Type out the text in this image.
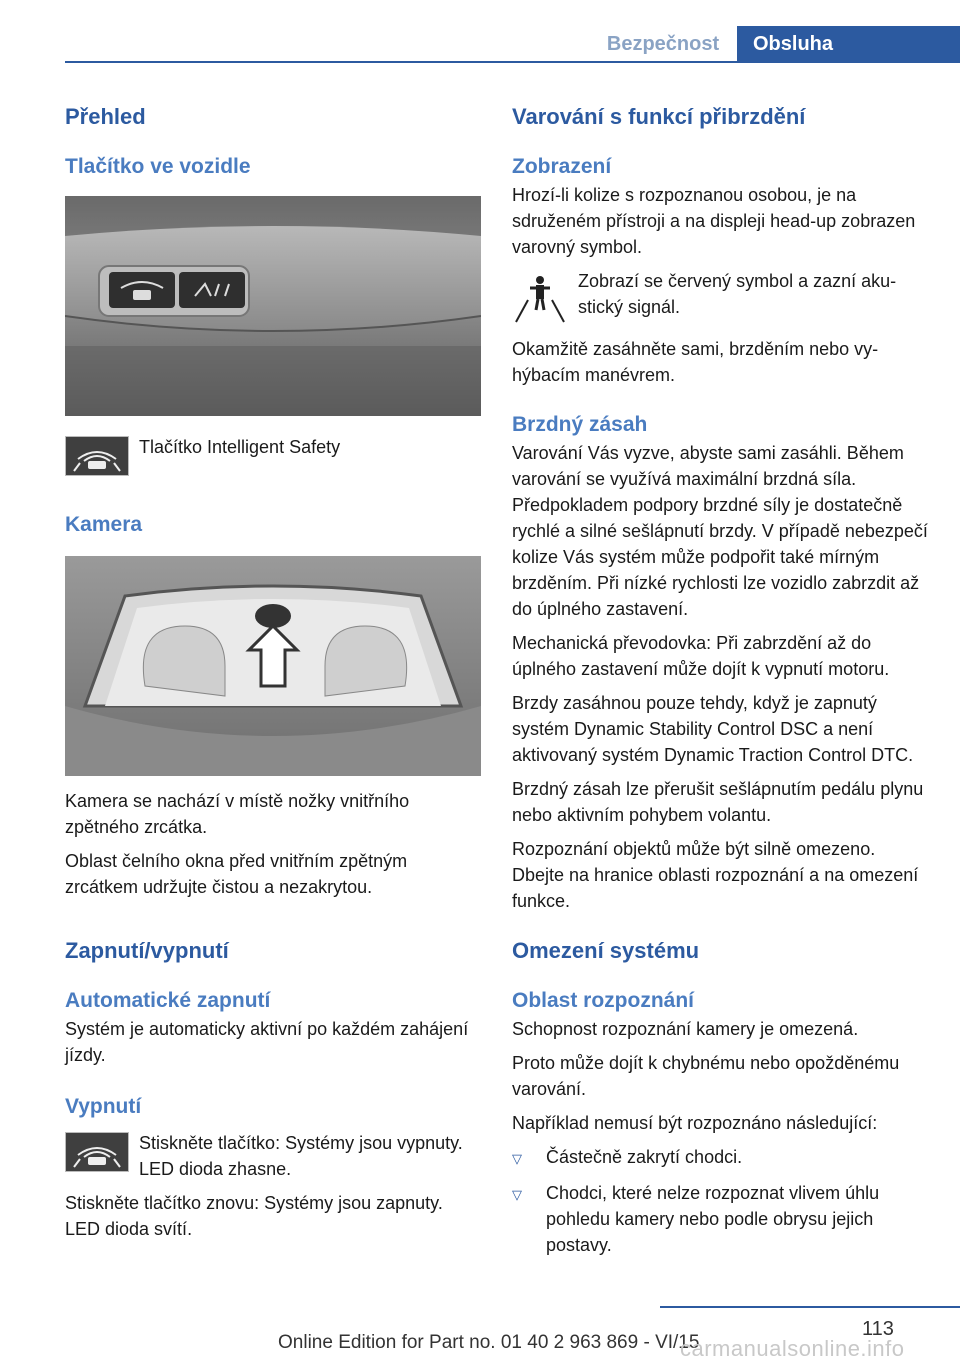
Bezpečnost	Obsluha
Přehled
Tlačítko ve vozidle

Tlačítko Intelligent Safety

Kamera

Kamera se nachází v místě nožky vnitřního zpětného zrcátka.

Oblast čelního okna před vnitřním zpětným zrcátkem udržujte čistou a nezakrytou.

Zapnutí/vypnutí
Automatické zapnutí

Systém je automaticky aktivní po každém zahájení jízdy.

Vypnutí

Stiskněte tlačítko: Systémy jsou vypnuty. LED dioda zhasne.

Stiskněte tlačítko znovu: Systémy jsou zapnuty. LED dioda svítí.

Varování s funkcí přibrzdění
Zobrazení

Hrozí-li kolize s rozpoznanou osobou, je na sdruženém přístroji a na displeji head-up zobrazen varovný symbol.

Zobrazí se červený symbol a zazní akustický signál.

Okamžitě zasáhněte sami, brzděním nebo vyhýbacím manévrem.

Brzdný zásah

Varování Vás vyzve, abyste sami zasáhli. Během varování se využívá maximální brzdná síla. Předpokladem podpory brzdné síly je dostatečně rychlé a silné sešlápnutí brzdy. V případě nebezpečí kolize Vás systém může podpořit také mírným brzděním. Při nízké rychlosti lze vozidlo zabrzdit až do úplného zastavení.

Mechanická převodovka: Při zabrzdění až do úplného zastavení může dojít k vypnutí motoru.

Brzdy zasáhnou pouze tehdy, když je zapnutý systém Dynamic Stability Control DSC a není aktivovaný systém Dynamic Traction Control DTC.

Brzdný zásah lze přerušit sešlápnutím pedálu plynu nebo aktivním pohybem volantu.

Rozpoznání objektů může být silně omezeno. Dbejte na hranice oblasti rozpoznání a na omezení funkce.

Omezení systému
Oblast rozpoznání

Schopnost rozpoznání kamery je omezená.

Proto může dojít k chybnému nebo opožděnému varování.

Například nemusí být rozpoznáno následující:

▽	Částečně zakrytí chodci.
▽	Chodci, které nelze rozpoznat vlivem úhlu pohledu kamery nebo podle obrysu jejich postavy.
113
Online Edition for Part no. 01 40 2 963 869 - VI/15
carmanualsonline.info
